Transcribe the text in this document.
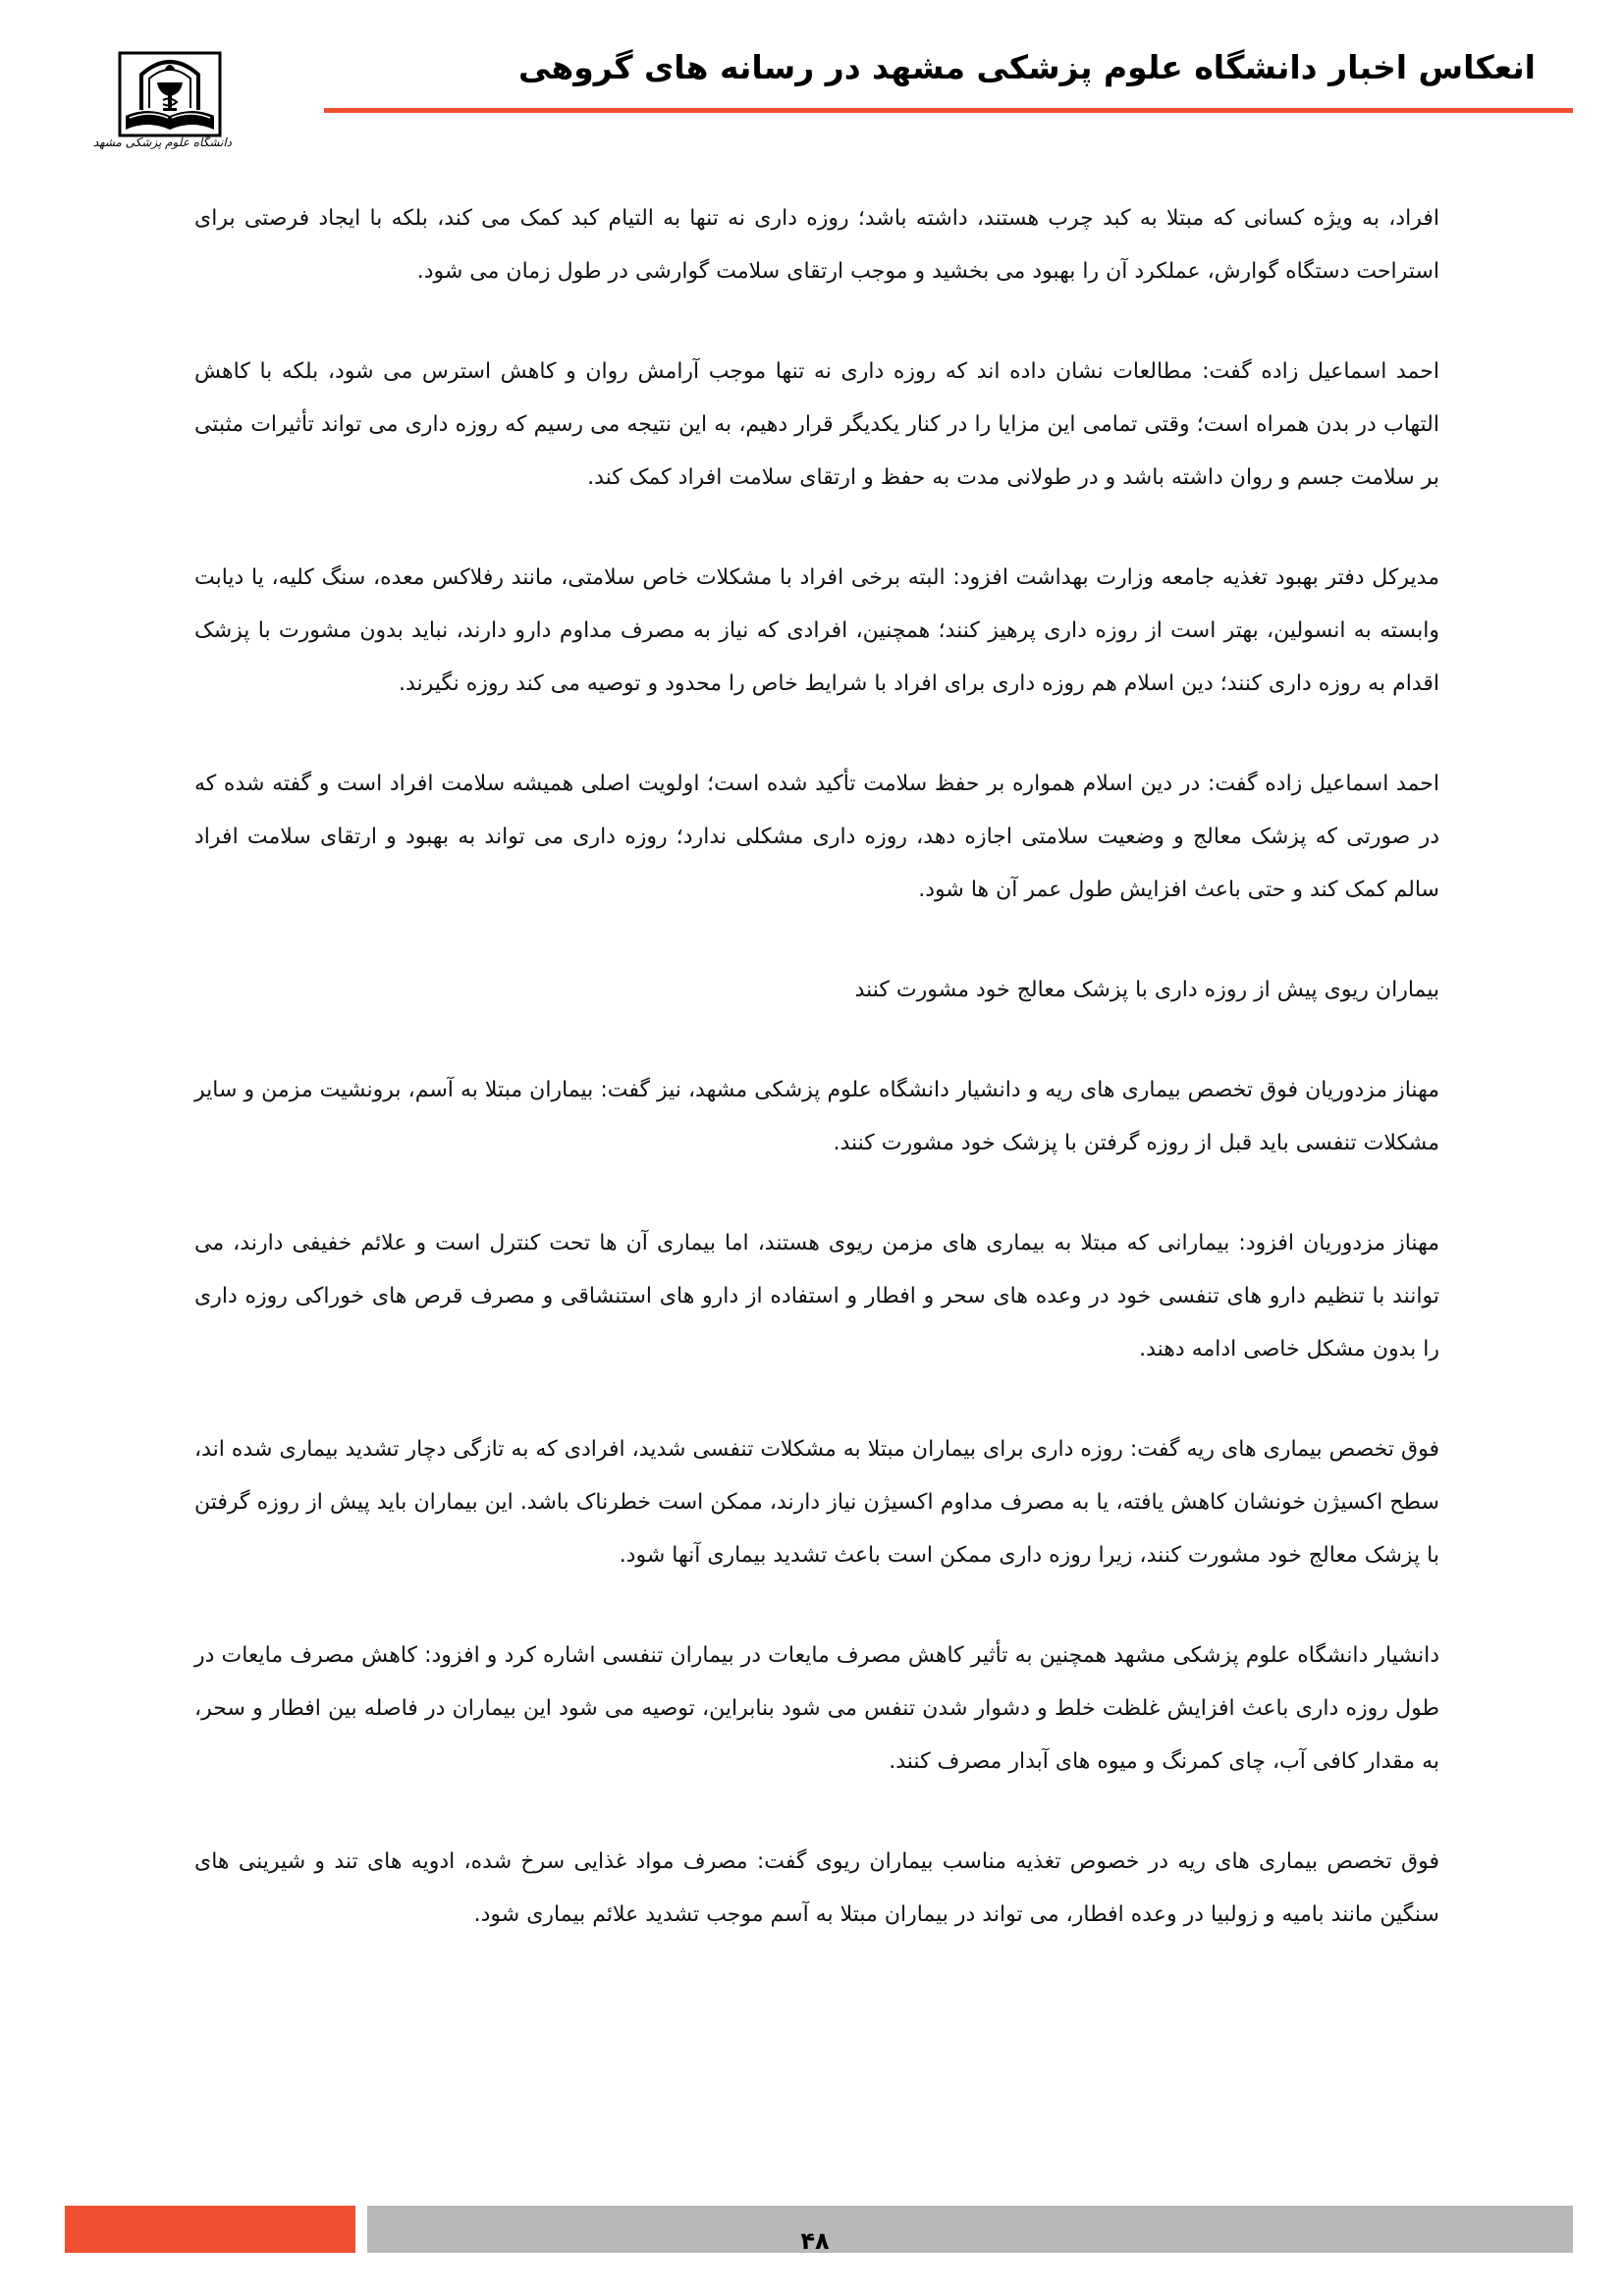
انعکاس اخبار دانشگاه علوم پزشکی مشهد در رسانه های گروهی
دانشگاه علوم پزشکی مشهد

افراد، به ویژه کسانی که مبتلا به کبد چرب هستند، داشته باشد؛ روزه داری نه تنها به التیام کبد کمک می کند، بلکه با ایجاد فرصتی برای استراحت دستگاه گوارش، عملکرد آن را بهبود می بخشید و موجب ارتقای سلامت گوارشی در طول زمان می شود.

احمد اسماعیل زاده گفت: مطالعات نشان داده اند که روزه داری نه تنها موجب آرامش روان و کاهش استرس می شود، بلکه با کاهش التهاب در بدن همراه است؛ وقتی تمامی این مزایا را در کنار یکدیگر قرار دهیم، به این نتیجه می رسیم که روزه داری می تواند تأثیرات مثبتی بر سلامت جسم و روان داشته باشد و در طولانی مدت به حفظ و ارتقای سلامت افراد کمک کند.

مدیرکل دفتر بهبود تغذیه جامعه وزارت بهداشت افزود: البته برخی افراد با مشکلات خاص سلامتی، مانند رفلاکس معده، سنگ کلیه، یا دیابت وابسته به انسولین، بهتر است از روزه داری پرهیز کنند؛ همچنین، افرادی که نیاز به مصرف مداوم دارو دارند، نباید بدون مشورت با پزشک اقدام به روزه داری کنند؛ دین اسلام هم روزه داری برای افراد با شرایط خاص را محدود و توصیه می کند روزه نگیرند.

احمد اسماعیل زاده گفت: در دین اسلام همواره بر حفظ سلامت تأکید شده است؛ اولویت اصلی همیشه سلامت افراد است و گفته شده که در صورتی که پزشک معالج و وضعیت سلامتی اجازه دهد، روزه داری مشکلی ندارد؛ روزه داری می تواند به بهبود و ارتقای سلامت افراد سالم کمک کند و حتی باعث افزایش طول عمر آن ها شود.

بیماران ریوی پیش از روزه داری با پزشک معالج خود مشورت کنند

مهناز مزدوریان فوق تخصص بیماری های ریه و دانشیار دانشگاه علوم پزشکی مشهد، نیز گفت: بیماران مبتلا به آسم، برونشیت مزمن و سایر مشکلات تنفسی باید قبل از روزه گرفتن با پزشک خود مشورت کنند.

مهناز مزدوریان افزود: بیمارانی که مبتلا به بیماری های مزمن ریوی هستند، اما بیماری آن ها تحت کنترل است و علائم خفیفی دارند، می توانند با تنظیم دارو های تنفسی خود در وعده های سحر و افطار و استفاده از دارو های استنشاقی و مصرف قرص های خوراکی روزه داری را بدون مشکل خاصی ادامه دهند.

فوق تخصص بیماری های ریه گفت: روزه داری برای بیماران مبتلا به مشکلات تنفسی شدید، افرادی که به تازگی دچار تشدید بیماری شده اند، سطح اکسیژن خونشان کاهش یافته، یا به مصرف مداوم اکسیژن نیاز دارند، ممکن است خطرناک باشد. این بیماران باید پیش از روزه گرفتن با پزشک معالج خود مشورت کنند، زیرا روزه داری ممکن است باعث تشدید بیماری آنها شود.

دانشیار دانشگاه علوم پزشکی مشهد همچنین به تأثیر کاهش مصرف مایعات در بیماران تنفسی اشاره کرد و افزود: کاهش مصرف مایعات در طول روزه داری باعث افزایش غلظت خلط و دشوار شدن تنفس می شود بنابراین، توصیه می شود این بیماران در فاصله بین افطار و سحر، به مقدار کافی آب، چای کمرنگ و میوه های آبدار مصرف کنند.

فوق تخصص بیماری های ریه در خصوص تغذیه مناسب بیماران ریوی گفت: مصرف مواد غذایی سرخ شده، ادویه های تند و شیرینی های سنگین مانند بامیه و زولبیا در وعده افطار، می تواند در بیماران مبتلا به آسم موجب تشدید علائم بیماری شود.

۴۸
